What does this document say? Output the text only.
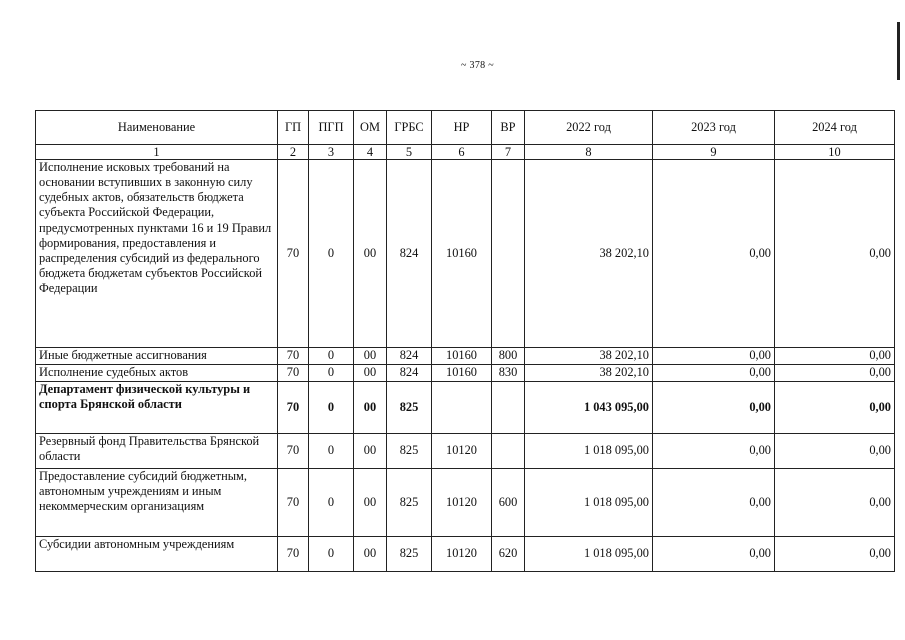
~ 378 ~
Наименование	ГП	ПГП	ОМ	ГРБС	НР	ВР	2022 год	2023 год	2024 год
1	2	3	4	5	6	7	8	9	10
Исполнение исковых требований на основании вступивших в законную силу судебных актов, обязательств бюджета субъекта Российской Федерации, предусмотренных пунктами 16 и 19 Правил формирования, предоставления и распределения субсидий из федерального бюджета бюджетам субъектов Российской Федерации	70	0	00	824	10160		38 202,10	0,00	0,00
Иные бюджетные ассигнования	70	0	00	824	10160	800	38 202,10	0,00	0,00
Исполнение судебных актов	70	0	00	824	10160	830	38 202,10	0,00	0,00
Департамент физической культуры и спорта Брянской области	70	0	00	825			1 043 095,00	0,00	0,00
Резервный фонд Правительства Брянской области	70	0	00	825	10120		1 018 095,00	0,00	0,00
Предоставление субсидий бюджетным, автономным учреждениям и иным некоммерческим организациям	70	0	00	825	10120	600	1 018 095,00	0,00	0,00
Субсидии автономным учреждениям	70	0	00	825	10120	620	1 018 095,00	0,00	0,00
